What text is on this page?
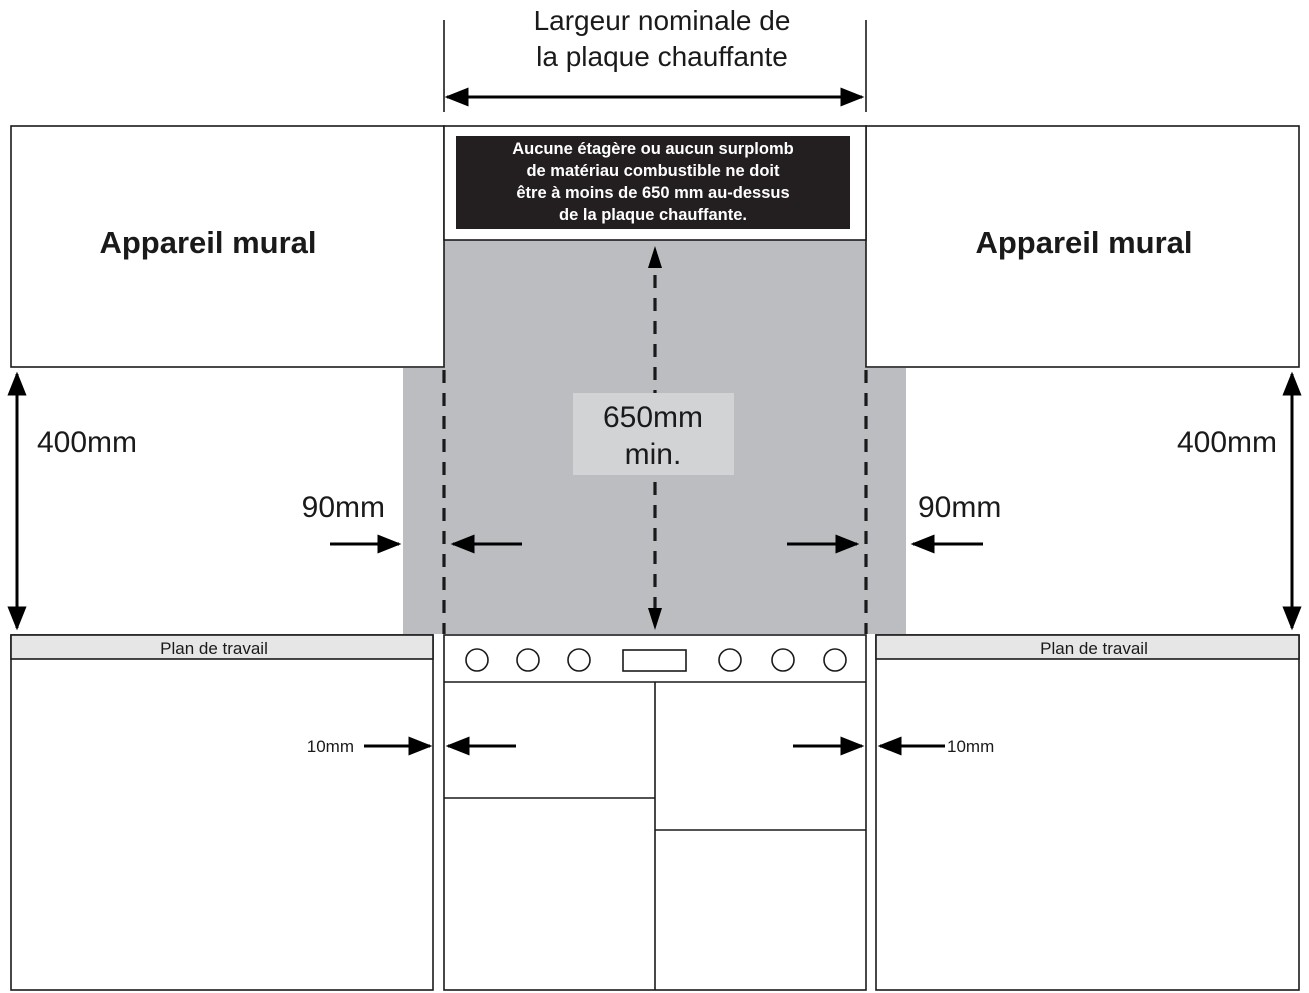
Aucune étagère ou aucun surplomb
de matériau combustible ne doit
être à moins de 650 mm au-dessus
de la plaque chauffante.
Appareil mural	Appareil mural
Largeur nominale de
la plaque chauffante
650mm
min.
400mm	400mm
90mm	90mm
Plan de travail	Plan de travail
10mm	10mm
